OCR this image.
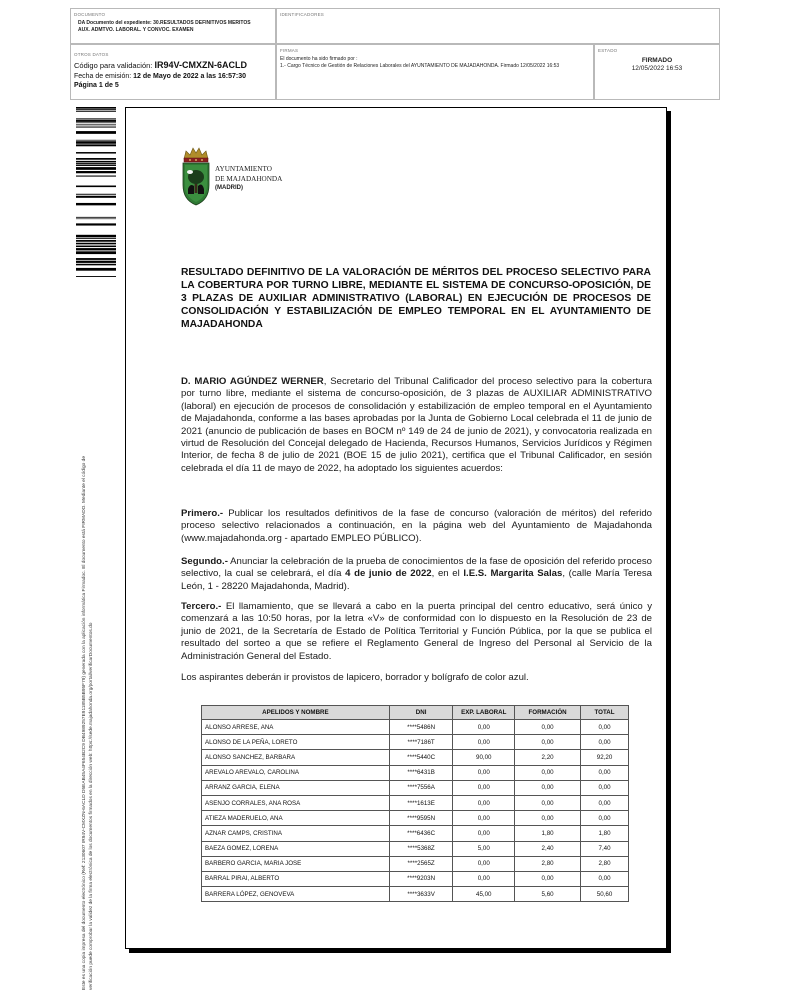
DOCUMENTO
DA Documento del expediente: 30.RESULTADOS DEFINITIVOS MERITOS AUX. ADMTVO. LABORAL. Y CONVOC. EXAMEN
IDENTIFICADORES
OTROS DATOS
Código para validación: IR94V-CMXZN-6ACLD
Fecha de emisión: 12 de Mayo de 2022 a las 16:57:30
Página 1 de 5
FIRMAS
El documento ha sido firmado por :
1.- Cargo Técnico de Gestión de Relaciones Laborales del AYUNTAMIENTO DE MAJADAHONDA. Firmado 12/05/2022 16:53
ESTADO
FIRMADO
12/05/2022 16:53
Este es una copia impresa del documento electrónico (Ref: 2130607 IR94V-CMXZN-6ACLD D5EAB45A4F654B2C9 DB4989257E91185B5B95F79) generada con la aplicación informática Firmadoc. El documento está FIRMADO. Mediante el código de verificación puede comprobar la validez de la firma electrónica de los documentos firmados en la dirección web: https://sede.majadahonda.org/portal/verificarDocumentos.do
AYUNTAMIENTO
DE MAJADAHONDA
(MADRID)
RESULTADO DEFINITIVO DE LA VALORACIÓN DE MÉRITOS DEL PROCESO SELECTIVO PARA LA COBERTURA POR TURNO LIBRE, MEDIANTE EL SISTEMA DE CONCURSO-OPOSICIÓN, DE 3 PLAZAS DE AUXILIAR ADMINISTRATIVO (LABORAL) EN EJECUCIÓN DE PROCESOS DE CONSOLIDACIÓN Y ESTABILIZACIÓN DE EMPLEO TEMPORAL EN EL AYUNTAMIENTO DE MAJADAHONDA
D. MARIO AGÚNDEZ WERNER, Secretario del Tribunal Calificador del proceso selectivo para la cobertura por turno libre, mediante el sistema de concurso-oposición, de 3 plazas de AUXILIAR ADMINISTRATIVO (laboral) en ejecución de procesos de consolidación y estabilización de empleo temporal en el Ayuntamiento de Majadahonda, conforme a las bases aprobadas por la Junta de Gobierno Local celebrada el 11 de junio de 2021 (anuncio de publicación de bases en BOCM nº 149 de 24 de junio de 2021), y convocatoria realizada en virtud de Resolución del Concejal delegado de Hacienda, Recursos Humanos, Servicios Jurídicos y Régimen Interior, de fecha 8 de julio de 2021 (BOE 15 de julio 2021), certifica que el Tribunal Calificador, en sesión celebrada el día 11 de mayo de 2022, ha adoptado los siguientes acuerdos:
Primero.- Publicar los resultados definitivos de la fase de concurso (valoración de méritos) del referido proceso selectivo relacionados a continuación, en la página web del Ayuntamiento de Majadahonda (www.majadahonda.org - apartado EMPLEO PÚBLICO).
Segundo.- Anunciar la celebración de la prueba de conocimientos de la fase de oposición del referido proceso selectivo, la cual se celebrará, el día 4 de junio de 2022, en el I.E.S. Margarita Salas, (calle María Teresa León, 1 - 28220 Majadahonda, Madrid).
Tercero.- El llamamiento, que se llevará a cabo en la puerta principal del centro educativo, será único y comenzará a las 10:50 horas, por la letra «V» de conformidad con lo dispuesto en la Resolución de 23 de junio de 2021, de la Secretaría de Estado de Política Territorial y Función Pública, por la que se publica el resultado del sorteo a que se refiere el Reglamento General de Ingreso del Personal al Servicio de la Administración General del Estado.
Los aspirantes deberán ir provistos de lapicero, borrador y bolígrafo de color azul.
APELIDOS Y NOMBRE	DNI	EXP. LABORAL	FORMACIÓN	TOTAL
ALONSO ARRESE, ANA	****5486N	0,00	0,00	0,00
ALONSO DE LA PEÑA, LORETO	****7186T	0,00	0,00	0,00
ALONSO SANCHEZ, BARBARA	****5440C	90,00	2,20	92,20
AREVALO AREVALO, CAROLINA	****6431B	0,00	0,00	0,00
ARRANZ GARCIA, ELENA	****7556A	0,00	0,00	0,00
ASENJO CORRALES, ANA ROSA	****1613E	0,00	0,00	0,00
ATIEZA MADERUELO, ANA	****9595N	0,00	0,00	0,00
AZNAR CAMPS, CRISTINA	****6436C	0,00	1,80	1,80
BAEZA GOMEZ, LORENA	****5368Z	5,00	2,40	7,40
BARBERO GARCIA, MARIA JOSE	****2565Z	0,00	2,80	2,80
BARRAL PIRAI, ALBERTO	****9203N	0,00	0,00	0,00
BARRERA LÓPEZ, GENOVEVA	****3633V	45,00	5,60	50,60
